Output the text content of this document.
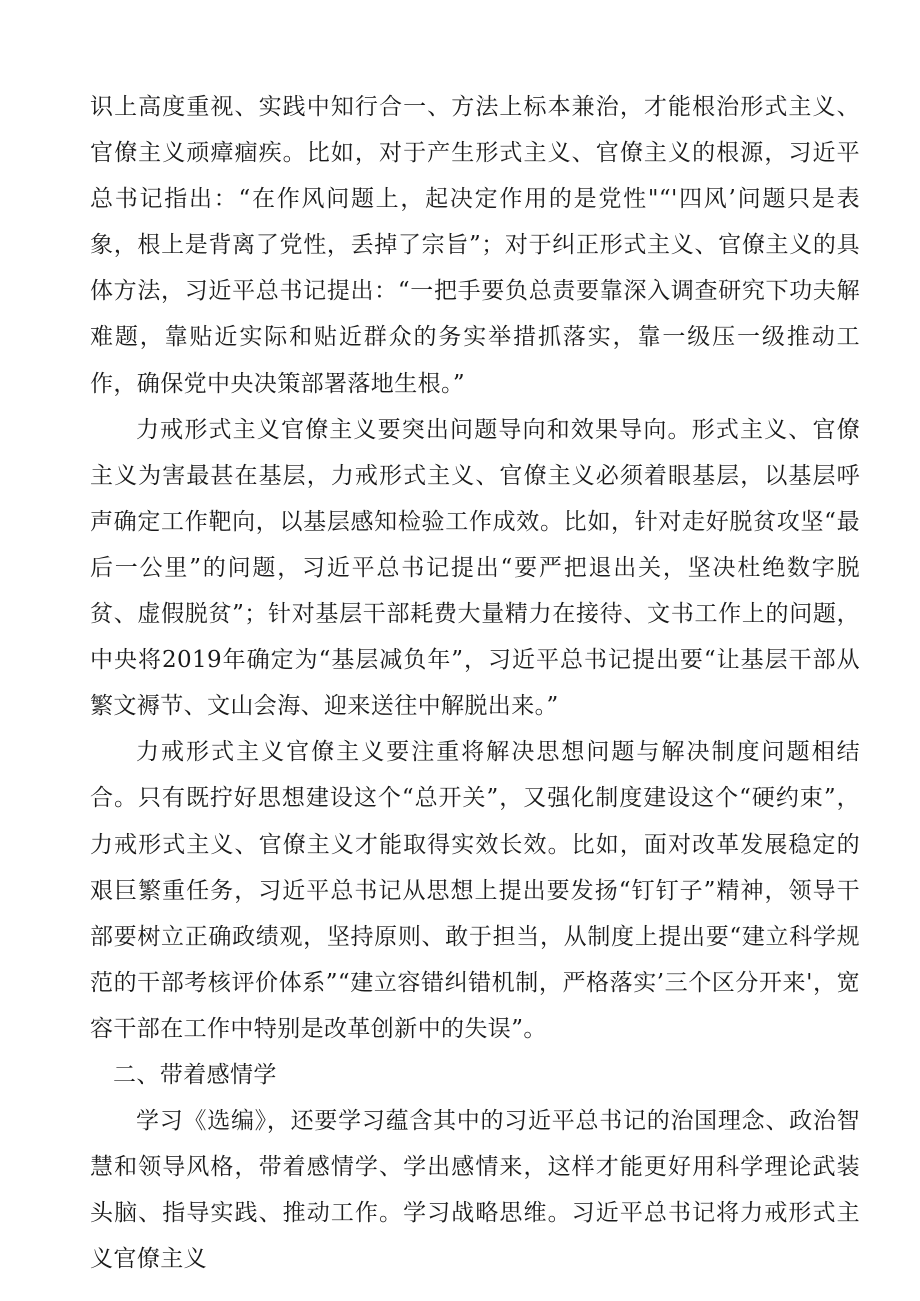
识上高度重视、实践中知行合一、方法上标本兼治，才能根治形式主义、官僚主义顽瘴痼疾。比如，对于产生形式主义、官僚主义的根源，习近平总书记指出：“在作风问题上，起决定作用的是党性"“'四风’问题只是表象，根上是背离了党性，丢掉了宗旨”；对于纠正形式主义、官僚主义的具体方法，习近平总书记提出：“一把手要负总责要靠深入调查研究下功夫解难题，靠贴近实际和贴近群众的务实举措抓落实，靠一级压一级推动工作，确保党中央决策部署落地生根。”

力戒形式主义官僚主义要突出问题导向和效果导向。形式主义、官僚主义为害最甚在基层，力戒形式主义、官僚主义必须着眼基层，以基层呼声确定工作靶向，以基层感知检验工作成效。比如，针对走好脱贫攻坚“最后一公里”的问题，习近平总书记提出“要严把退出关，坚决杜绝数字脱贫、虚假脱贫”；针对基层干部耗费大量精力在接待、文书工作上的问题，中央将2019年确定为“基层减负年”，习近平总书记提出要“让基层干部从繁文褥节、文山会海、迎来送往中解脱出来。”

力戒形式主义官僚主义要注重将解决思想问题与解决制度问题相结合。只有既拧好思想建设这个“总开关”，又强化制度建设这个“硬约束”，力戒形式主义、官僚主义才能取得实效长效。比如，面对改革发展稳定的艰巨繁重任务，习近平总书记从思想上提出要发扬“钉钉子”精神，领导干部要树立正确政绩观，坚持原则、敢于担当，从制度上提出要“建立科学规范的干部考核评价体系”“建立容错纠错机制，严格落实’三个区分开来'，宽容干部在工作中特别是改革创新中的失误”。

二、带着感情学

学习《选编》，还要学习蕴含其中的习近平总书记的治国理念、政治智慧和领导风格，带着感情学、学出感情来，这样才能更好用科学理论武装头脑、指导实践、推动工作。学习战略思维。习近平总书记将力戒形式主义官僚主义
